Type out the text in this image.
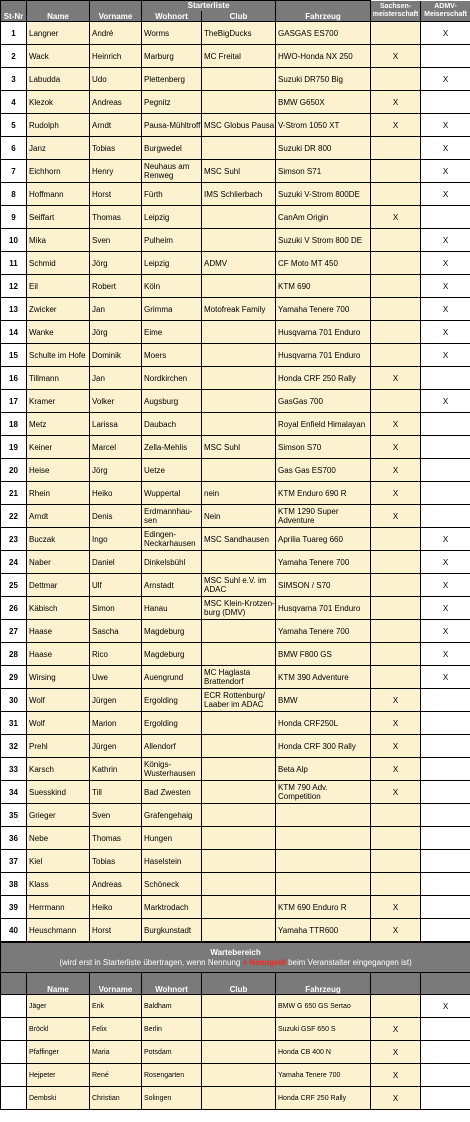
			Starterliste			Sachsen-meisterschaft	ADMV-Meiserschaft
St-Nr	Name	Vorname	Wohnort	Club	Fahrzeug		
1	Langner	André	Worms	TheBigDucks	GASGAS ES700		X
2	Wack	Heinrich	Marburg	MC Freital	HWO-Honda NX 250	X	
3	Labudda	Udo	Plettenberg		Suzuki DR750 Big		X
4	Klezok	Andreas	Pegnitz		BMW G650X	X	
5	Rudolph	Arndt	Pausa-Mühltroff	MSC Globus Pausa	V-Strom 1050 XT	X	X
6	Janz	Tobias	Burgwedel		Suzuki DR 800		X
7	Eichhorn	Henry	Neuhaus am Renweg	MSC Suhl	Simson S71		X
8	Hoffmann	Horst	Fürth	IMS Schlierbach	Suzuki V-Strom 800DE		X
9	Seiffart	Thomas	Leipzig		CanAm Origin	X	
10	Mika	Sven	Pulheim		Suzuki V Strom 800 DE		X
11	Schmid	Jörg	Leipzig	ADMV	CF Moto MT 450		X
12	Eil	Robert	Köln		KTM 690		X
13	Zwicker	Jan	Grimma	Motofreak Family	Yamaha Tenere 700		X
14	Wanke	Jörg	Eime		Husqvarna 701 Enduro		X
15	Schulte im Hofe	Dominik	Moers		Husqvarna 701 Enduro		X
16	Tillmann	Jan	Nordkirchen		Honda CRF 250 Rally	X	
17	Kramer	Volker	Augsburg		GasGas 700		X
18	Metz	Larissa	Daubach		Royal Enfield Himalayan	X	
19	Keiner	Marcel	Zella-Mehlis	MSC Suhl	Simson S70	X	
20	Heise	Jörg	Uetze		Gas Gas ES700	X	
21	Rhein	Heiko	Wuppertal	nein	KTM Enduro 690 R	X	
22	Arndt	Denis	Erdmannhau-sen	Nein	KTM 1290 Super Adventure	X	
23	Buczak	Ingo	Edingen-Neckarhausen	MSC Sandhausen	Aprilia Tuareg 660		X
24	Naber	Daniel	Dinkelsbühl		Yamaha Tenere 700		X
25	Dettmar	Ulf	Arnstadt	MSC Suhl e.V. im ADAC	SIMSON / S70		X
26	Käbisch	Simon	Hanau	MSC Klein-Krotzen-burg (DMV)	Husqvarna 701 Enduro		X
27	Haase	Sascha	Magdeburg		Yamaha Tenere 700		X
28	Haase	Rico	Magdeburg		BMW F800 GS		X
29	Wirsing	Uwe	Auengrund	MC Haglasta Brattendorf	KTM 390 Adventure		X
30	Wolf	Jürgen	Ergolding	ECR Rottenburg/ Laaber im ADAC	BMW	X	
31	Wolf	Marion	Ergolding		Honda CRF250L	X	
32	Prehl	Jürgen	Allendorf		Honda CRF 300 Rally	X	
33	Karsch	Kathrin	Königs-Wusterhausen		Beta Alp	X	
34	Suesskind	Till	Bad Zwesten		KTM 790 Adv. Competition	X	
35	Grieger	Sven	Grafengehaig				
36	Nebe	Thomas	Hungen				
37	Kiel	Tobias	Haselstein				
38	Klass	Andreas	Schöneck				
39	Herrmann	Heiko	Marktrodach		KTM 690 Enduro R	X	
40	Heuschmann	Horst	Burgkunstadt		Yamaha TTR600	X	
Wartebereich
(wird erst in Starterliste übertragen, wenn Nennung + Nenngeld beim Veranstalter eingegangen ist)							

	Name	Vorname	Wohnort	Club	Fahrzeug		
	Jäger	Erik	Baldham		BMW G 650 GS Sertao		X
	Bröckl	Felix	Berlin		Suzuki GSF 650 S	X	
	Pfaffinger	Maria	Potsdam		Honda CB 400 N	X	
	Hejpeter	René	Rosengarten		Yamaha Tenere 700	X	
	Dembski	Christian	Solingen		Honda CRF 250 Rally	X	
